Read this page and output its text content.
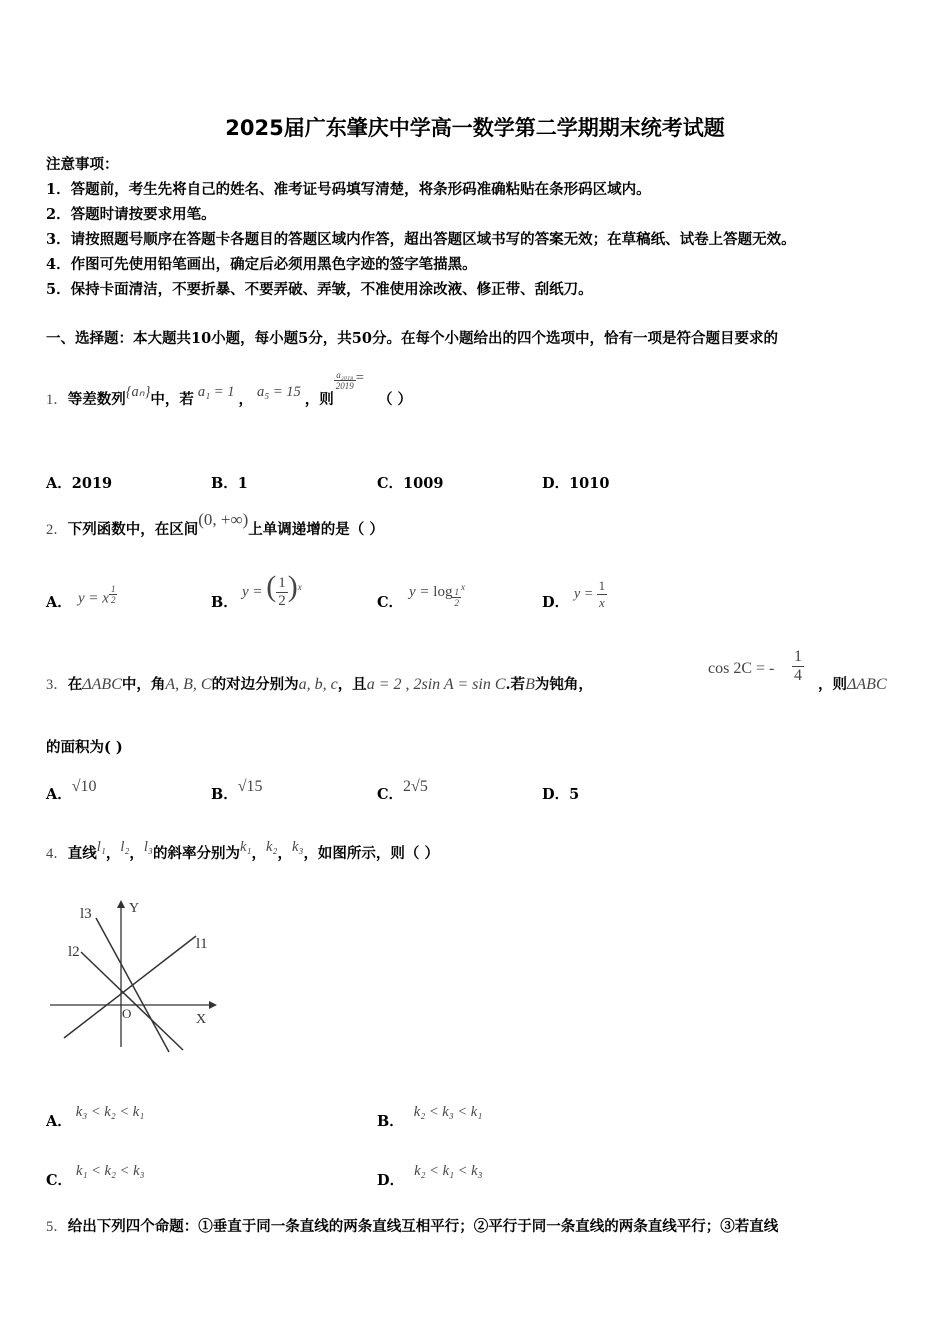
2025届广东肇庆中学高一数学第二学期期末统考试题
注意事项：
1．答题前，考生先将自己的姓名、准考证号码填写清楚，将条形码准确粘贴在条形码区域内。
2．答题时请按要求用笔。
3．请按照题号顺序在答题卡各题目的答题区域内作答，超出答题区域书写的答案无效；在草稿纸、试卷上答题无效。
4．作图可先使用铅笔画出，确定后必须用黑色字迹的签字笔描黑。
5．保持卡面清洁，不要折暴、不要弄破、弄皱，不准使用涂改液、修正带、刮纸刀。
一、选择题：本大题共10小题，每小题5分，共50分。在每个小题给出的四个选项中，恰有一项是符合题目要求的
1．等差数列{aₙ}中，若 a₁ = 1 ， a₅ = 15 ，则
$\frac{\text{a₂₀₁₈}}{2019}$ =（ ）
A．2019	B．1	C．1009	D．1010
2．下列函数中，在区间(0, +∞)上单调递增的是（ ）
A． y = x $^{\frac{1}{2}}$	B．
y = ( $\frac{1}{2} )^x$
C．
y = log $_{\frac{1}{2}}$
$^x$
D． $y = \frac{1}{x}$
3．在ΔABC中，角A, B, C的对边分别为a, b, c，且a = 2 , 2sin A = sin C.若B为钝角，
cos 2C = - $\frac{1}{4}$ ，则ΔABC
的面积为( )
A．√10	B．√15	C．2√5	D．5
4．直线l₁，l₂，l₃的斜率分别为k₁，k₂，k₃，如图所示，则（ ）
Y
X
O
l1
l2
l3
A．k₃ < k₂ < k₁
B．k₂ < k₃ < k₁
C．k₁ < k₂ < k₃
D．k₂ < k₁ < k₃
5．给出下列四个命题：①垂直于同一条直线的两条直线互相平行；②平行于同一条直线的两条直线平行；③若直线
